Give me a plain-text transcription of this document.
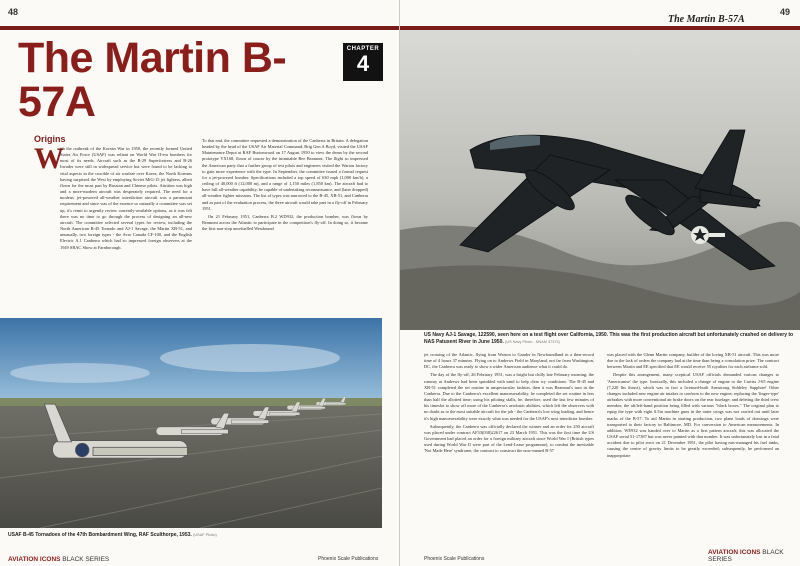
48
The Martin B-57A
CHAPTER
4
Origins
W

ith the outbreak of the Korean War in 1950, the recently formed United States Air Force (USAF) was reliant on World War II-era bombers for most of its needs. Aircraft such as the B-29 Superfortress and B-26 Invader were still in widespread service but were found to be lacking to vital aspects in the crucible of air warfare over Korea, the North Koreans having surprised the West by employing Soviet MiG-15 jet fighters, albeit flown for the most part by Russian and Chinese pilots. Attrition was high and a more-modern aircraft was desperately required. The need for a modern, jet-powered all-weather interdiction aircraft was a paramount requirement and since was of the essence so naturally a committee was set up, it's remit to urgently review currently-available options, as it was felt there was no time to go through the process of designing an all-new aircraft. The committee selected several types for review, including the North American B-45 Tornado and AJ-1 Savage, the Martin XB-51, and unusually, two foreign types - the Avro Canada CF-100, and the English Electric A.1 Canberra which had so impressed foreign observers at the 1949 SBAC Show at Farnborough.

To that end, the committee requested a demonstration of the Canberra in Britain. A delegation headed by the head of the USAF Air Material Command, Brig Gen A Boyd, visited the USAF Maintenance Depot at RAF Burtonwood on 17 August 1950 to view the demo by the second prototype VX168, flown of course by the inimitable Bee Beamont. The flight so impressed the American party that a further group of test pilots and engineers visited the Warton factory to gain more experience with the type. In September, the committee issued a formal request for a jet-powered bomber. Specifications included a top speed of 630 mph (1,000 km/h), a ceiling of 40,000 ft (12,000 m), and a range of 1,150 miles (1,850 km). The aircraft had to have full all-weather capability, be capable of undertaking reconnaissance, and (later dropped) all-weather fighter missions. The list of types was narrowed to the B-45, XB-51, and Canberra and as part of the evaluation process, the three aircraft would take part in a fly-off in February 1951.

On 21 February 1951, Canberra B.2 WD932, the production bomber, was flown by Beamont across the Atlantic to participate in the competition's fly-off. In doing so, it became the first non-stop unrefuelled Westbound

USAF B-45 Tornadoes of the 47th Bombardment Wing, RAF Sculthorpe, 1953. (USAF Photo)
AVIATION ICONS BLACK SERIES	Phoenix Scale Publications
The Martin B-57A
49
US Navy AJ-1 Savage, 122590, seen here on a test flight over California, 1950. This was the first production aircraft but unfortunately crashed on delivery to NAS Patuxent River in June 1950. (US Navy Photo - NNAM 37373)

jet crossing of the Atlantic, flying from Warton to Gander in Newfoundland in a then-record time of 4 hours 37 minutes. Flying on to Andrews Field in Maryland, not far from Washington, DC, the Canberra was ready to show a wider American audience what it could do.

The day of the fly-off, 26 February 1951, was a bright but chilly late February morning; the runway at Andrews had been sprinkled with sand to help clear icy conditions. The B-45 and XB-51 completed the set routine in unspectacular fashion, then it was Beamont's turn in the Canberra. Due to the Canberra's excellent manoeuvrability, he completed the set routine in less than half the allotted time; using his piloting skills, he, therefore, used the last few minutes of his timeslot to show off more of the Canberra's aerobatic abilities, which left the observers with no doubt as to the most suitable aircraft for the job - the Canberra's low wing loading, and hence it's high manoeuvrability were exactly what was needed for the USAF's next interdictor bomber.

Subsequently, the Canberra was officially declared the winner and an order for 250 aircraft was placed under contract AF33(038)22617 on 23 March 1951. This was the first time the US Government had placed an order for a foreign military aircraft since World War I (British types used during World War II were part of the Lend-Lease programme), to combat the inevitable 'Not Made Here' syndrome, the contract to construct the now-named B-57

was placed with the Glenn Martin company, builder of the loving XB-51 aircraft. This was more due to the lack of orders the company had at the time than being a consolation prize. The contract between Martin and EE specified that EE would receive 55 royalties for each airframe sold.

Despite this arrangement, many sceptical USAF officials demanded various changes to 'Americanise' the type. Ironically, this included a change of engine to the Curtiss J-65 engine (7,220 lbs thrust), which was in fact a licensed-built Armstrong Siddeley Sapphire! Other changes included new engine air intakes to conform to the new engine; replacing the 'finger-type' airbrakes with more conventional air brake doors on the rear fuselage; and deleting the third crew member, the aft/left-hand position being filled with various "black boxes." The original plan to equip the type with eight 0.5in machine guns in the outer wings was not carried out until later marks of the B-57. To aid Martin in starting production, two plane loads of drawings were transported to their factory in Baltimore, MD. For conversion to American measurements. In addition, WE932 was handed over to Martin as a first pattern aircraft; this was allocated the USAF serial 51-17387 but was never painted with that number. It was unfortunately lost in a fatal accident due to pilot error on 21 December 1951, the pilot having mis-managed his fuel tanks, causing the centre of gravity limits to be greatly exceeded; subsequently, he performed an inappropriate

Phoenix Scale Publications
AVIATION ICONS BLACK SERIES
